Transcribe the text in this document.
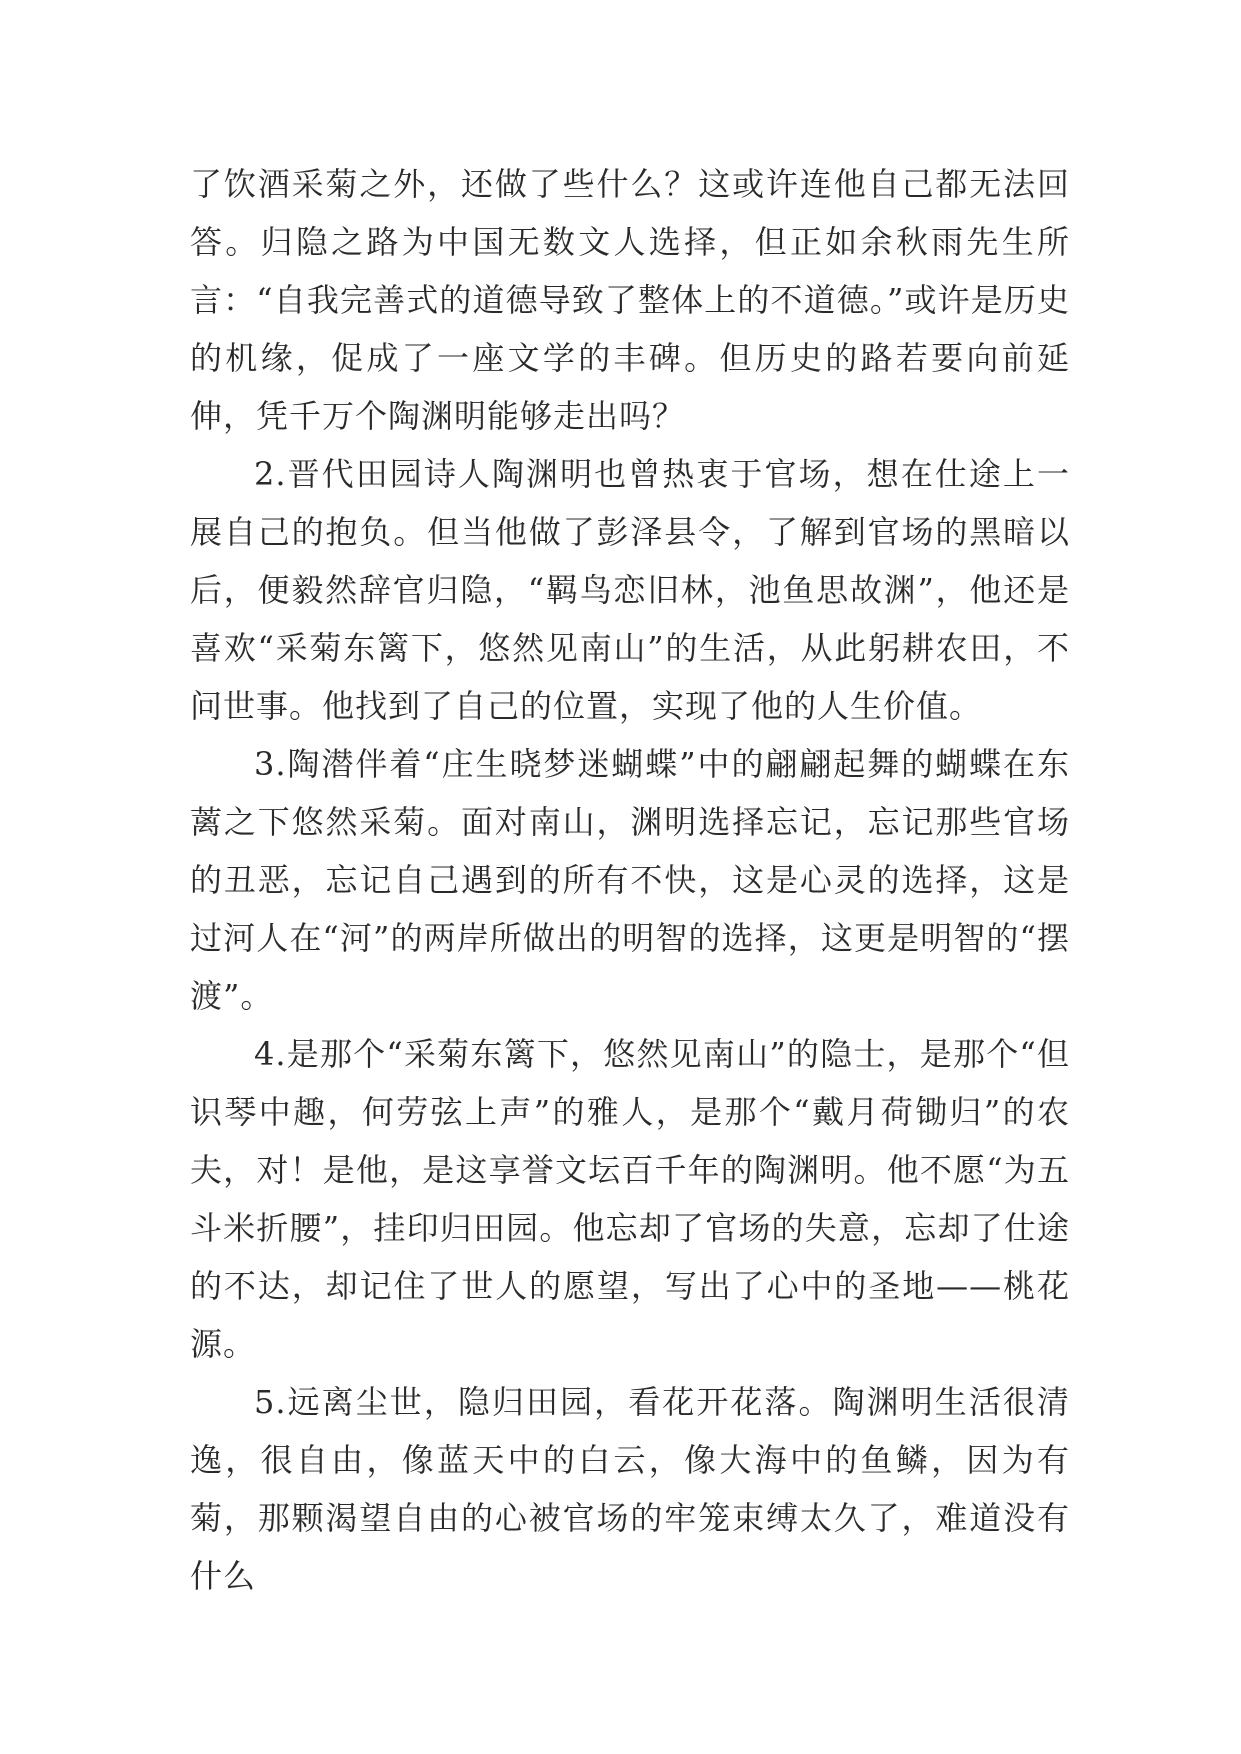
了饮酒采菊之外，还做了些什么？这或许连他自己都无法回答。归隐之路为中国无数文人选择，但正如余秋雨先生所言：“自我完善式的道德导致了整体上的不道德。”或许是历史的机缘，促成了一座文学的丰碑。但历史的路若要向前延伸，凭千万个陶渊明能够走出吗？

2.晋代田园诗人陶渊明也曾热衷于官场，想在仕途上一展自己的抱负。但当他做了彭泽县令，了解到官场的黑暗以后，便毅然辞官归隐，“羁鸟恋旧林，池鱼思故渊”，他还是喜欢“采菊东篱下，悠然见南山”的生活，从此躬耕农田，不问世事。他找到了自己的位置，实现了他的人生价值。

3.陶潜伴着“庄生晓梦迷蝴蝶”中的翩翩起舞的蝴蝶在东蓠之下悠然采菊。面对南山，渊明选择忘记，忘记那些官场的丑恶，忘记自己遇到的所有不快，这是心灵的选择，这是过河人在“河”的两岸所做出的明智的选择，这更是明智的“摆渡”。

4.是那个“采菊东篱下，悠然见南山”的隐士，是那个“但识琴中趣，何劳弦上声”的雅人，是那个“戴月荷锄归”的农夫，对！是他，是这享誉文坛百千年的陶渊明。他不愿“为五斗米折腰”，挂印归田园。他忘却了官场的失意，忘却了仕途的不达，却记住了世人的愿望，写出了心中的圣地——桃花源。

5.远离尘世，隐归田园，看花开花落。陶渊明生活很清逸，很自由，像蓝天中的白云，像大海中的鱼鳞，因为有菊，那颗渴望自由的心被官场的牢笼束缚太久了，难道没有什么
